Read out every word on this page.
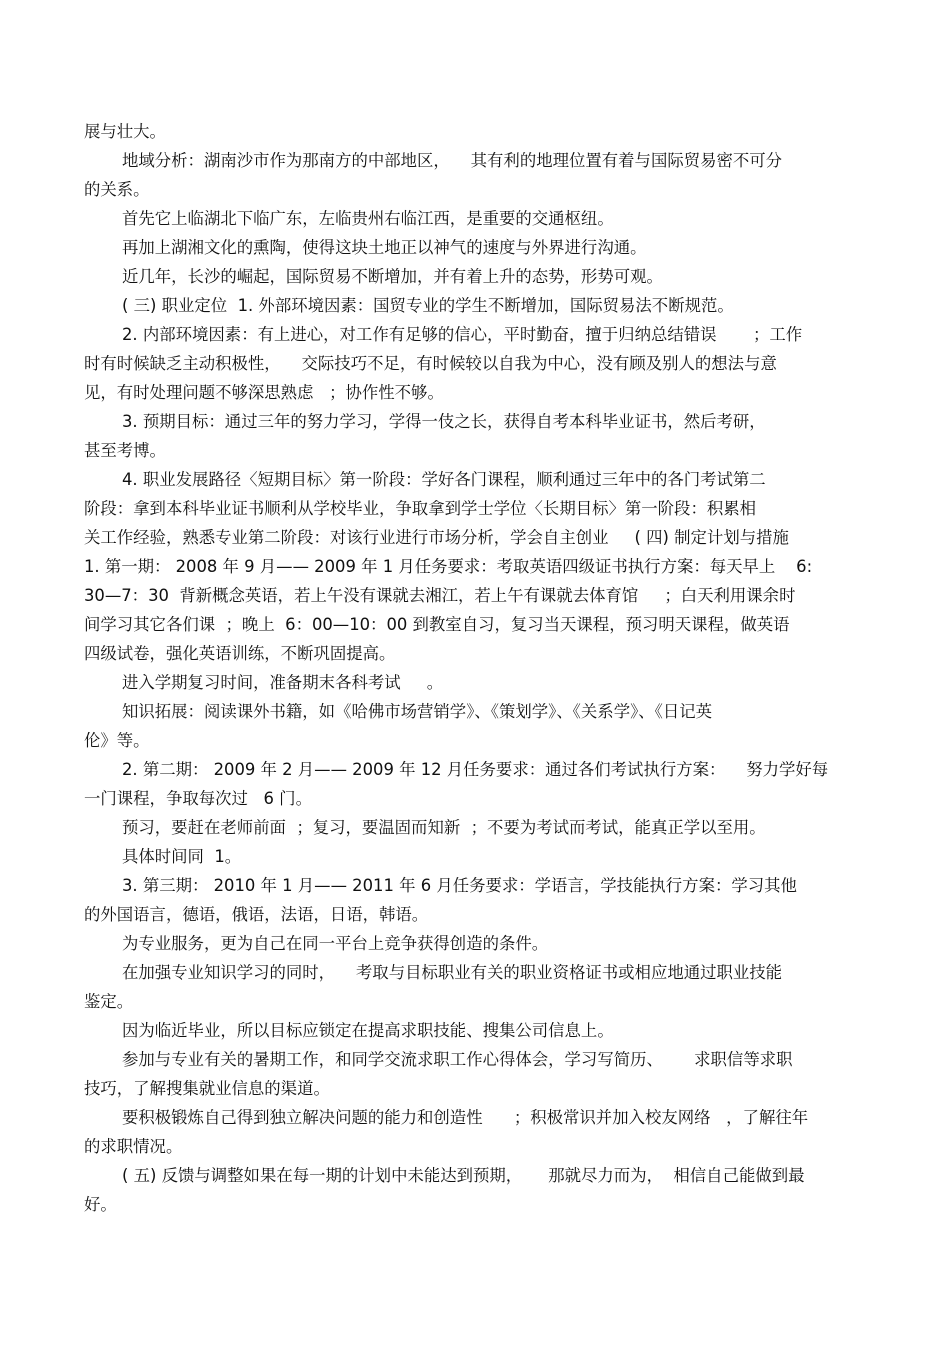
展与壮大。
地域分析：湖南沙市作为那南方的中部地区，    其有利的地理位置有着与国际贸易密不可分
的关系。
首先它上临湖北下临广东，左临贵州右临江西，是重要的交通枢纽。
再加上湖湘文化的熏陶，使得这块土地正以神气的速度与外界进行沟通。
近几年，长沙的崛起，国际贸易不断增加，并有着上升的态势，形势可观。
( 三) 职业定位  1. 外部环境因素：国贸专业的学生不断增加，国际贸易法不断规范。
2. 内部环境因素：有上进心，对工作有足够的信心，平时勤奋，擅于归纳总结错误       ；工作
时有时候缺乏主动积极性，    交际技巧不足，有时候较以自我为中心，没有顾及别人的想法与意
见，有时处理问题不够深思熟虑   ；协作性不够。
3. 预期目标：通过三年的努力学习，学得一伎之长，获得自考本科毕业证书，然后考研，
甚至考博。
4. 职业发展路径〈短期目标〉第一阶段：学好各门课程，顺利通过三年中的各门考试第二
阶段：拿到本科毕业证书顺利从学校毕业，争取拿到学士学位〈长期目标〉第一阶段：积累相
关工作经验，熟悉专业第二阶段：对该行业进行市场分析，学会自主创业     ( 四) 制定计划与措施
1. 第一期： 2008 年 9 月—— 2009 年 1 月任务要求：考取英语四级证书执行方案：每天早上    6:
30—7：30  背新概念英语，若上午没有课就去湘江，若上午有课就去体育馆     ；白天利用课余时
间学习其它各们课  ；晚上  6：00—10：00 到教室自习，复习当天课程，预习明天课程，做英语
四级试卷，强化英语训练，不断巩固提高。
进入学期复习时间，准备期末各科考试     。
知识拓展：阅读课外书籍，如《哈佛市场营销学》、《策划学》、《关系学》、《日记英
伦》等。
2. 第二期： 2009 年 2 月—— 2009 年 12 月任务要求：通过各们考试执行方案：    努力学好每
一门课程，争取每次过   6 门。
预习，要赶在老师前面  ；复习，要温固而知新  ；不要为考试而考试，能真正学以至用。
具体时间同  1。
3. 第三期： 2010 年 1 月—— 2011 年 6 月任务要求：学语言，学技能执行方案：学习其他
的外国语言，德语，俄语，法语，日语，韩语。
为专业服务，更为自己在同一平台上竞争获得创造的条件。
在加强专业知识学习的同时，    考取与目标职业有关的职业资格证书或相应地通过职业技能
鉴定。
因为临近毕业，所以目标应锁定在提高求职技能、搜集公司信息上。
参加与专业有关的暑期工作，和同学交流求职工作心得体会，学习写简历、      求职信等求职
技巧，了解搜集就业信息的渠道。
要积极锻炼自己得到独立解决问题的能力和创造性      ；积极常识并加入校友网络   ，了解往年
的求职情况。
( 五) 反馈与调整如果在每一期的计划中未能达到预期，     那就尽力而为，  相信自己能做到最
好。
